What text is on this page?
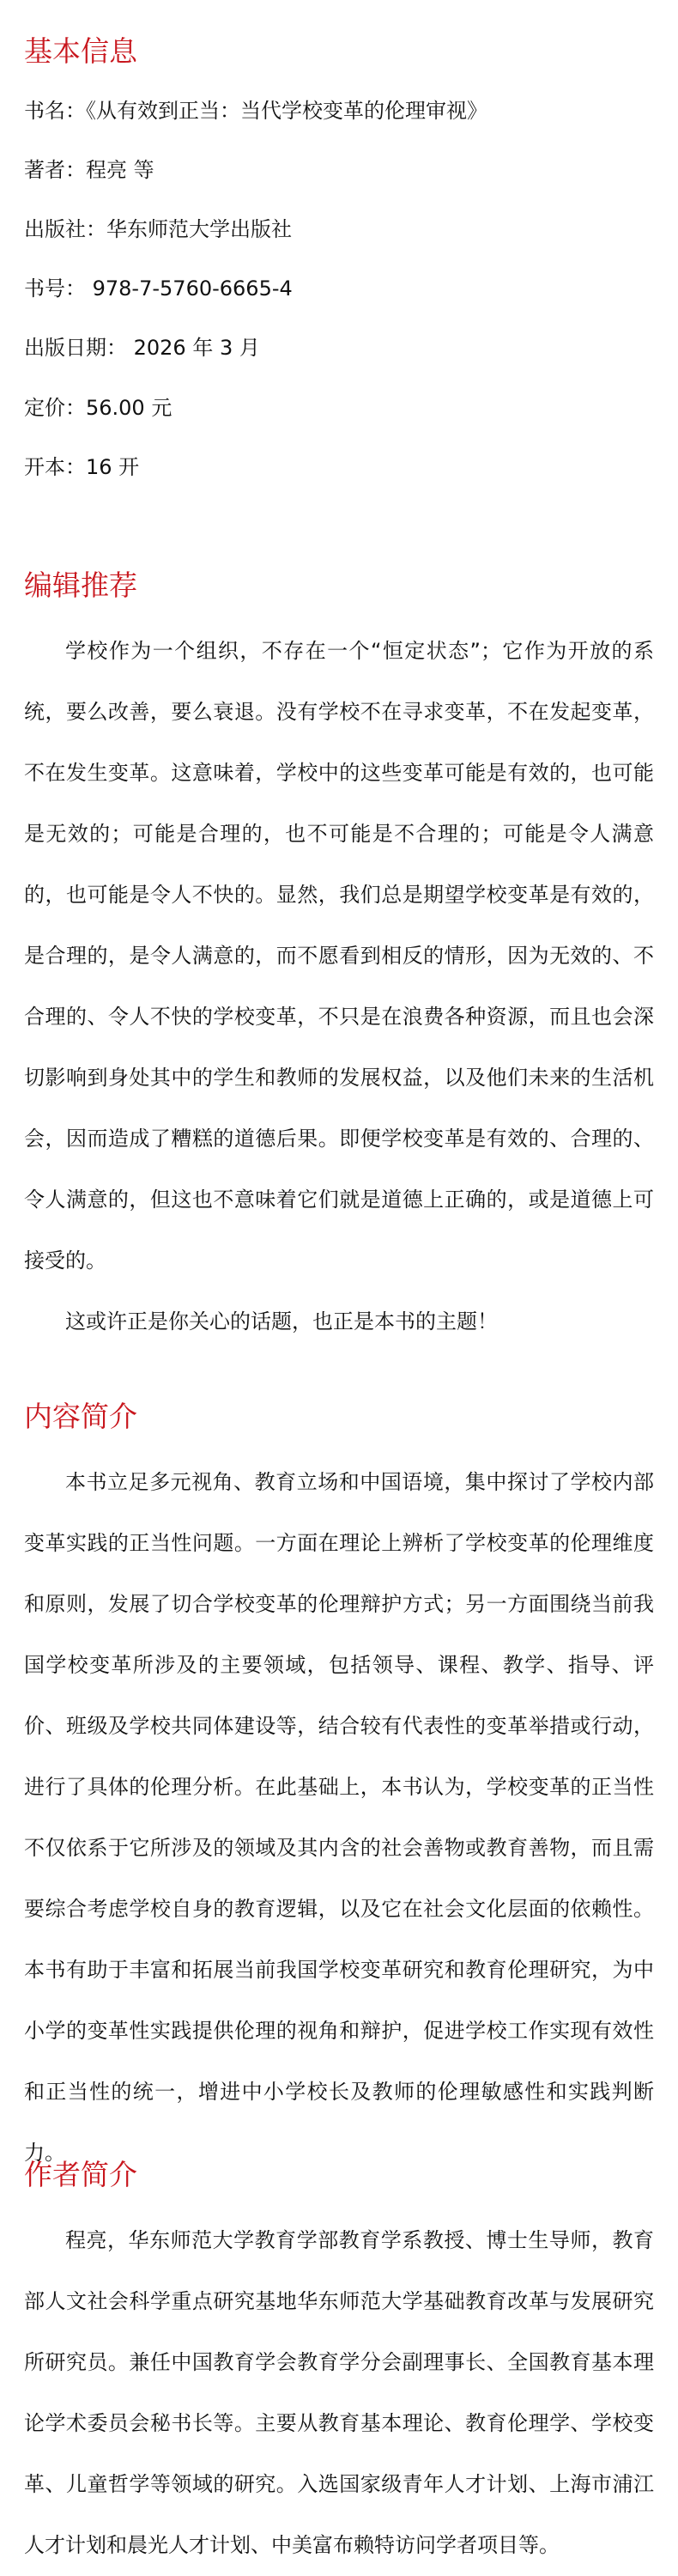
基本信息
书名：《从有效到正当：当代学校变革的伦理审视》
著者：程亮 等
出版社：华东师范大学出版社
书号： 978-7-5760-6665-4
出版日期： 2026 年 3 月
定价：56.00 元
开本：16 开
编辑推荐

学校作为一个组织，不存在一个“恒定状态”；它作为开放的系统，要么改善，要么衰退。没有学校不在寻求变革，不在发起变革，不在发生变革。这意味着，学校中的这些变革可能是有效的，也可能是无效的；可能是合理的，也不可能是不合理的；可能是令人满意的，也可能是令人不快的。显然，我们总是期望学校变革是有效的，是合理的，是令人满意的，而不愿看到相反的情形，因为无效的、不合理的、令人不快的学校变革，不只是在浪费各种资源，而且也会深切影响到身处其中的学生和教师的发展权益，以及他们未来的生活机会，因而造成了糟糕的道德后果。即便学校变革是有效的、合理的、令人满意的，但这也不意味着它们就是道德上正确的，或是道德上可接受的。

这或许正是你关心的话题，也正是本书的主题！

内容简介

本书立足多元视角、教育立场和中国语境，集中探讨了学校内部变革实践的正当性问题。一方面在理论上辨析了学校变革的伦理维度和原则，发展了切合学校变革的伦理辩护方式；另一方面围绕当前我国学校变革所涉及的主要领域，包括领导、课程、教学、指导、评价、班级及学校共同体建设等，结合较有代表性的变革举措或行动，进行了具体的伦理分析。在此基础上，本书认为，学校变革的正当性不仅依系于它所涉及的领域及其内含的社会善物或教育善物，而且需要综合考虑学校自身的教育逻辑，以及它在社会文化层面的依赖性。本书有助于丰富和拓展当前我国学校变革研究和教育伦理研究，为中小学的变革性实践提供伦理的视角和辩护，促进学校工作实现有效性和正当性的统一，增进中小学校长及教师的伦理敏感性和实践判断力。

作者简介

程亮，华东师范大学教育学部教育学系教授、博士生导师，教育部人文社会科学重点研究基地华东师范大学基础教育改革与发展研究所研究员。兼任中国教育学会教育学分会副理事长、全国教育基本理论学术委员会秘书长等。主要从教育基本理论、教育伦理学、学校变革、儿童哲学等领域的研究。入选国家级青年人才计划、上海市浦江人才计划和晨光人才计划、中美富布赖特访问学者项目等。
